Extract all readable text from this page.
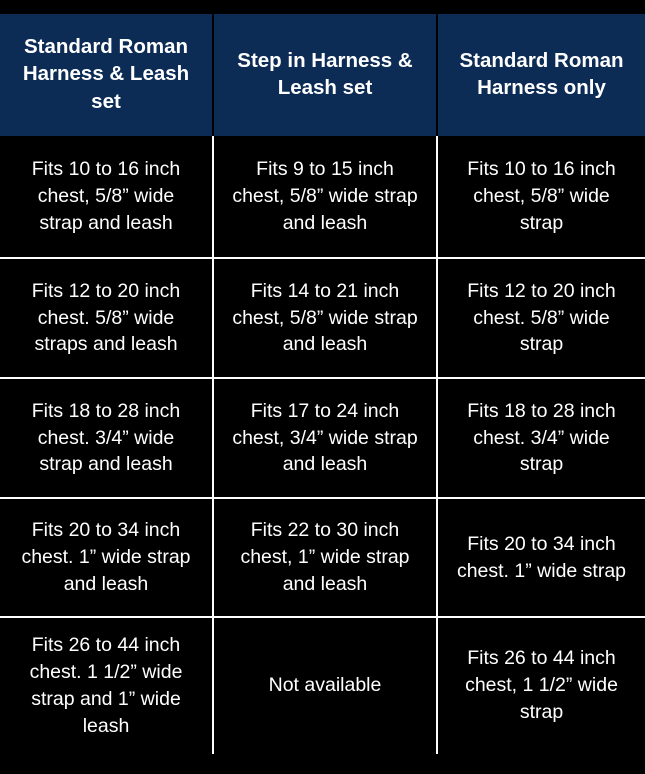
Standard Roman Harness & Leash set	Step in Harness & Leash set	Standard Roman Harness only
Fits 10 to 16 inch chest, 5/8” wide strap and leash	Fits 9 to 15 inch chest, 5/8” wide strap and leash	Fits 10 to 16 inch chest, 5/8” wide strap
Fits 12 to 20 inch chest. 5/8” wide straps and leash	Fits 14 to 21 inch chest, 5/8” wide strap and leash	Fits 12 to 20 inch chest. 5/8” wide strap
Fits 18 to 28 inch chest. 3/4” wide strap and leash	Fits 17 to 24 inch chest, 3/4” wide strap and leash	Fits 18 to 28 inch chest. 3/4” wide strap
Fits 20 to 34 inch chest. 1” wide strap and leash	Fits 22 to 30 inch chest, 1” wide strap and leash	Fits 20 to 34 inch chest. 1” wide strap
Fits 26 to 44 inch chest. 1 1/2” wide strap and 1” wide leash	Not available	Fits 26 to 44 inch chest, 1 1/2” wide strap
